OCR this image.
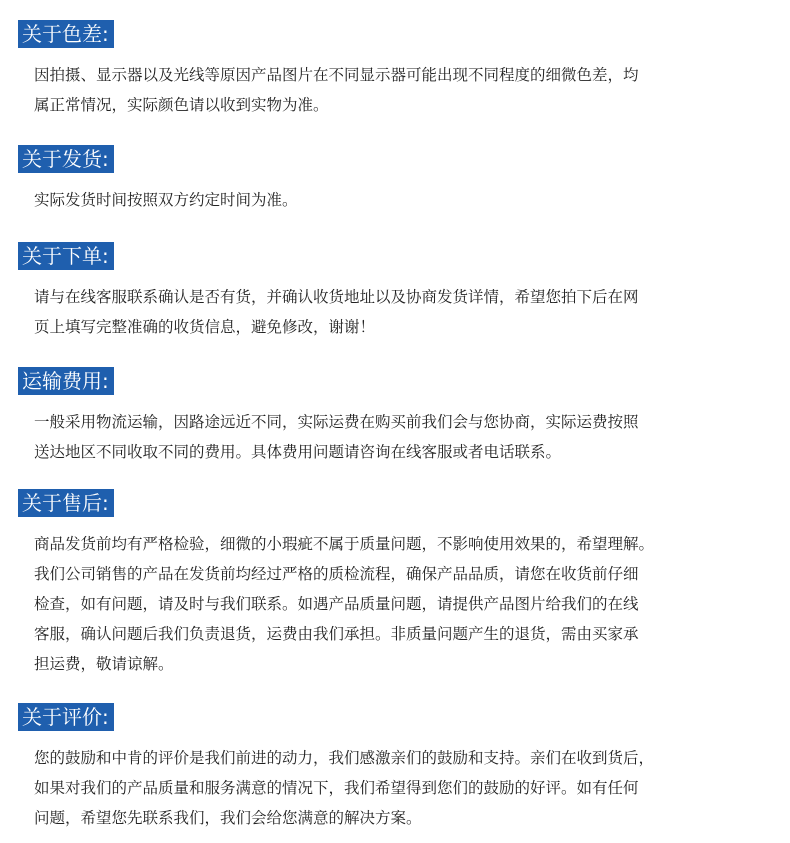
关于色差:
因拍摄、显示器以及光线等原因产品图片在不同显示器可能出现不同程度的细微色差，均
属正常情况，实际颜色请以收到实物为准。
关于发货:
实际发货时间按照双方约定时间为准。
关于下单:
请与在线客服联系确认是否有货，并确认收货地址以及协商发货详情，希望您拍下后在网
页上填写完整准确的收货信息，避免修改，谢谢！
运输费用:
一般采用物流运输，因路途远近不同，实际运费在购买前我们会与您协商，实际运费按照
送达地区不同收取不同的费用。具体费用问题请咨询在线客服或者电话联系。
关于售后:
商品发货前均有严格检验，细微的小瑕疵不属于质量问题，不影响使用效果的，希望理解。
我们公司销售的产品在发货前均经过严格的质检流程，确保产品品质，请您在收货前仔细
检查，如有问题，请及时与我们联系。如遇产品质量问题，请提供产品图片给我们的在线
客服，确认问题后我们负责退货，运费由我们承担。非质量问题产生的退货，需由买家承
担运费，敬请谅解。
关于评价:
您的鼓励和中肯的评价是我们前进的动力，我们感激亲们的鼓励和支持。亲们在收到货后，
如果对我们的产品质量和服务满意的情况下，我们希望得到您们的鼓励的好评。如有任何
问题，希望您先联系我们，我们会给您满意的解决方案。
